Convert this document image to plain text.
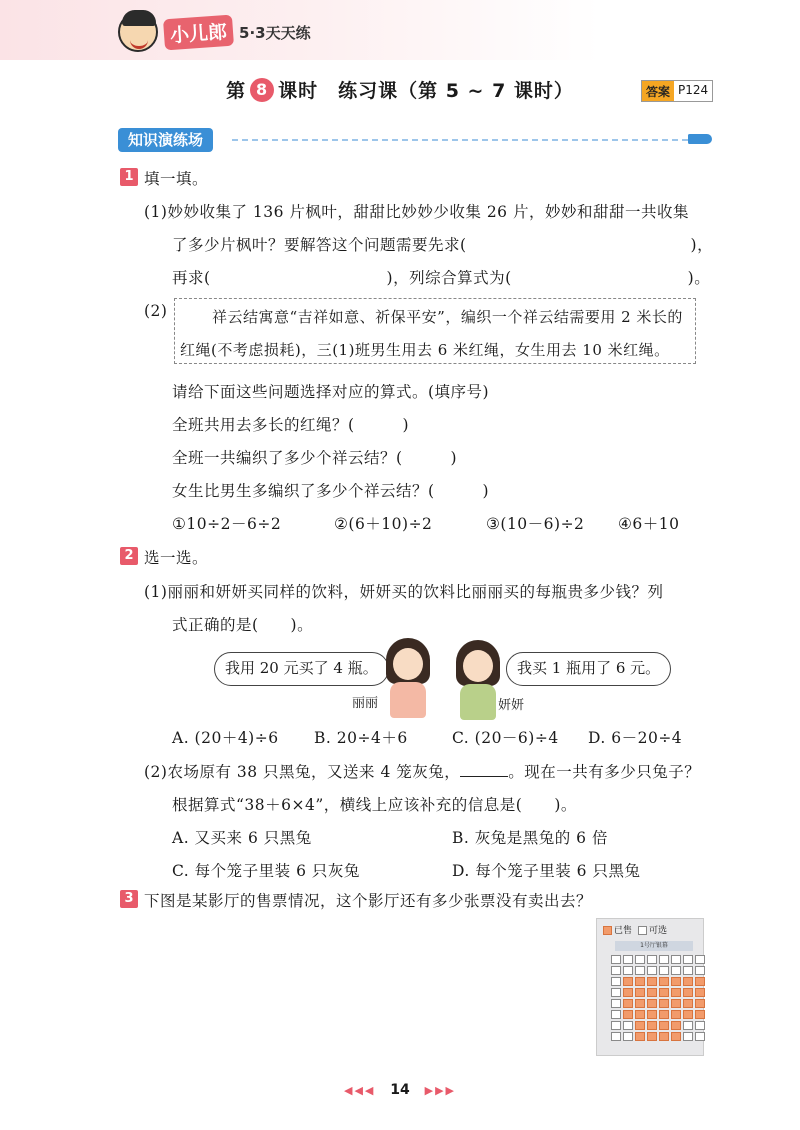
小儿郎 5·3天天练
第 8 课时　练习课（第 5 ~ 7 课时）	答案 P124
知识演练场
1 填一填。
(1)妙妙收集了 136 片枫叶，甜甜比妙妙少收集 26 片，妙妙和甜甜一共收集
了多少片枫叶？要解答这个问题需要先求(　　　　　　　　　　　　　　)，
再求(　　　　　　　　　　　)，列综合算式为(　　　　　　　　　　　)。
(2)	祥云结寓意“吉祥如意、祈保平安”，编织一个祥云结需要用 2 米长的
红绳(不考虑损耗)，三(1)班男生用去 6 米红绳，女生用去 10 米红绳。
请给下面这些问题选择对应的算式。(填序号)
全班共用去多长的红绳？(　　　)
全班一共编织了多少个祥云结？(　　　)
女生比男生多编织了多少个祥云结？(　　　)
①10÷2－6÷2	②(6＋10)÷2	③(10－6)÷2 ④6＋10
2 选一选。
(1)丽丽和妍妍买同样的饮料，妍妍买的饮料比丽丽买的每瓶贵多少钱？列
式正确的是(　　)。
我用 20 元买了 4 瓶。
丽丽
我买 1 瓶用了 6 元。
妍妍
A. (20＋4)÷6 B. 20÷4＋6	C. (20－6)÷4 D. 6－20÷4
(2)农场原有 38 只黑兔，又送来 4 笼灰兔，	。现在一共有多少只兔子？
根据算式“38＋6×4”，横线上应该补充的信息是(　　)。
A. 又买来 6 只黑兔	B. 灰兔是黑兔的 6 倍
C. 每个笼子里装 6 只灰兔	D. 每个笼子里装 6 只黑兔
3 下图是某影厅的售票情况，这个影厅还有多少张票没有卖出去？
已售	可选
1号厅银幕
◀◀◀ 14 ▶▶▶
